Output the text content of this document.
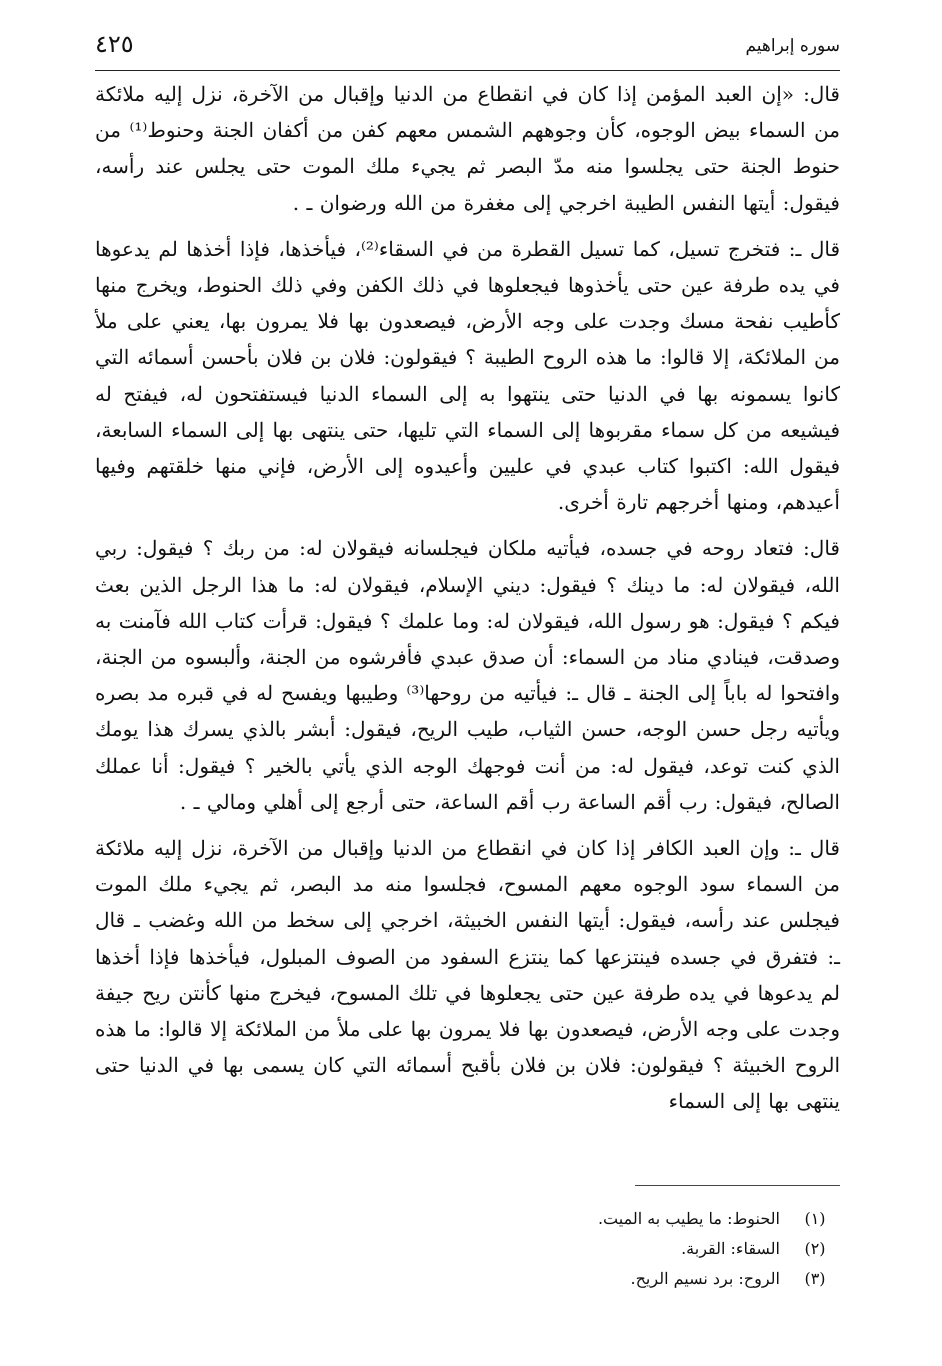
سوره إبراهيم
٤٢٥

قال: «إن العبد المؤمن إذا كان في انقطاع من الدنيا وإقبال من الآخرة، نزل إليه ملائكة من السماء بيض الوجوه، كأن وجوههم الشمس معهم كفن من أكفان الجنة وحنوط⁽¹⁾ من حنوط الجنة حتى يجلسوا منه مدّ البصر ثم يجيء ملك الموت حتى يجلس عند رأسه، فيقول: أيتها النفس الطيبة اخرجي إلى مغفرة من الله ورضوان ـ .

قال ـ: فتخرج تسيل، كما تسيل القطرة من في السقاء⁽²⁾، فيأخذها، فإذا أخذها لم يدعوها في يده طرفة عين حتى يأخذوها فيجعلوها في ذلك الكفن وفي ذلك الحنوط، ويخرج منها كأطيب نفحة مسك وجدت على وجه الأرض، فيصعدون بها فلا يمرون بها، يعني على ملأ من الملائكة، إلا قالوا: ما هذه الروح الطيبة ؟ فيقولون: فلان بن فلان بأحسن أسمائه التي كانوا يسمونه بها في الدنيا حتى ينتهوا به إلى السماء الدنيا فيستفتحون له، فيفتح له فيشيعه من كل سماء مقربوها إلى السماء التي تليها، حتى ينتهى بها إلى السماء السابعة، فيقول الله: اكتبوا كتاب عبدي في عليين وأعيدوه إلى الأرض، فإني منها خلقتهم وفيها أعيدهم، ومنها أخرجهم تارة أخرى.

قال: فتعاد روحه في جسده، فيأتيه ملكان فيجلسانه فيقولان له: من ربك ؟ فيقول: ربي الله، فيقولان له: ما دينك ؟ فيقول: ديني الإسلام، فيقولان له: ما هذا الرجل الذين بعث فيكم ؟ فيقول: هو رسول الله، فيقولان له: وما علمك ؟ فيقول: قرأت كتاب الله فآمنت به وصدقت، فينادي مناد من السماء: أن صدق عبدي فأفرشوه من الجنة، وألبسوه من الجنة، وافتحوا له باباً إلى الجنة ـ قال ـ: فيأتيه من روحها⁽³⁾ وطيبها ويفسح له في قبره مد بصره ويأتيه رجل حسن الوجه، حسن الثياب، طيب الريح، فيقول: أبشر بالذي يسرك هذا يومك الذي كنت توعد، فيقول له: من أنت فوجهك الوجه الذي يأتي بالخير ؟ فيقول: أنا عملك الصالح، فيقول: رب أقم الساعة رب أقم الساعة، حتى أرجع إلى أهلي ومالي ـ .

قال ـ: وإن العبد الكافر إذا كان في انقطاع من الدنيا وإقبال من الآخرة، نزل إليه ملائكة من السماء سود الوجوه معهم المسوح، فجلسوا منه مد البصر، ثم يجيء ملك الموت فيجلس عند رأسه، فيقول: أيتها النفس الخبيثة، اخرجي إلى سخط من الله وغضب ـ قال ـ: فتفرق في جسده فينتزعها كما ينتزع السفود من الصوف المبلول، فيأخذها فإذا أخذها لم يدعوها في يده طرفة عين حتى يجعلوها في تلك المسوح، فيخرج منها كأنتن ريح جيفة وجدت على وجه الأرض، فيصعدون بها فلا يمرون بها على ملأ من الملائكة إلا قالوا: ما هذه الروح الخبيثة ؟ فيقولون: فلان بن فلان بأقبح أسمائه التي كان يسمى بها في الدنيا حتى ينتهى بها إلى السماء

(١)
الحنوط: ما يطيب به الميت.
(٢)
السقاء: القربة.
(٣)
الروح: برد نسيم الريح.
